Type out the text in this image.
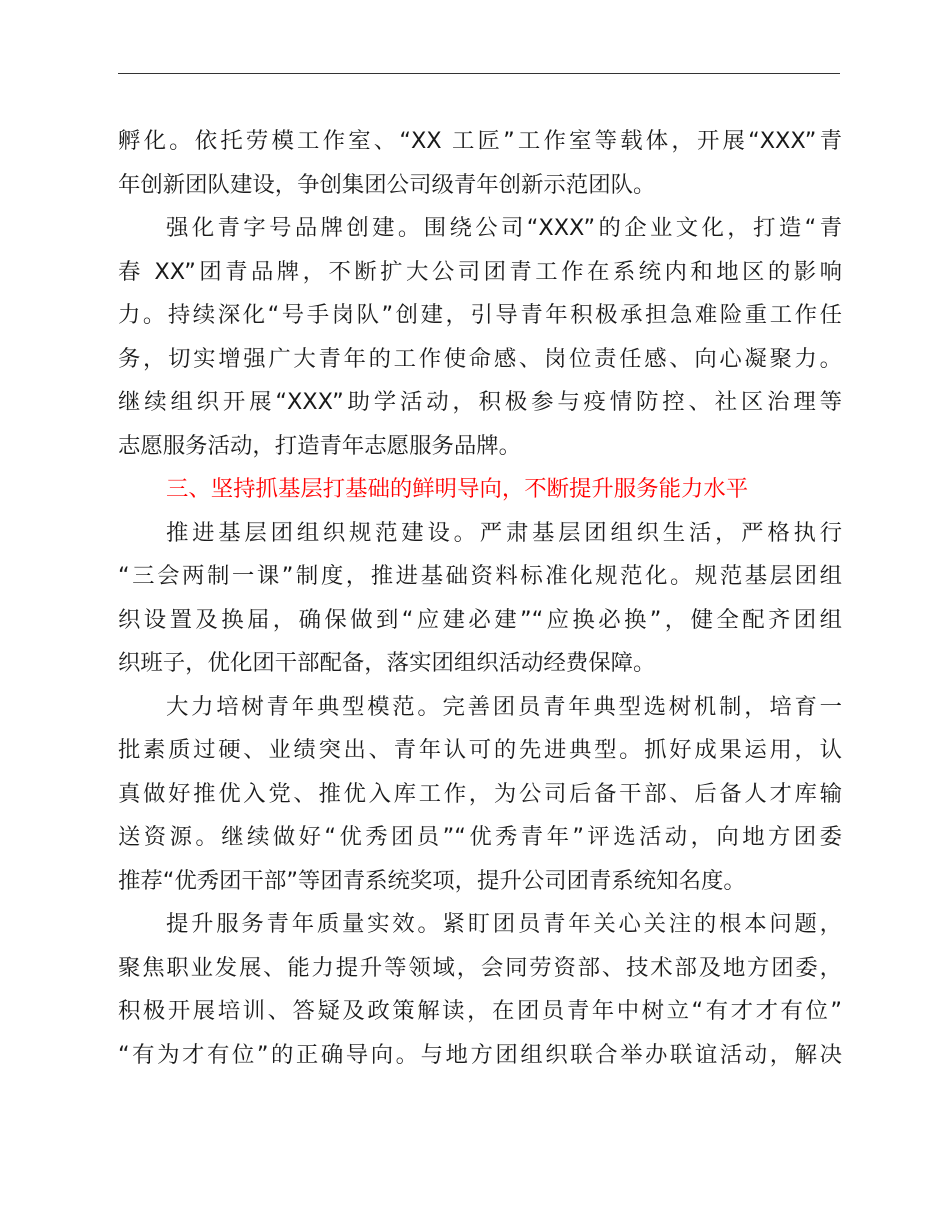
孵化。依托劳模工作室、“XX 工匠”工作室等载体，开展“XXX”青
年创新团队建设，争创集团公司级青年创新示范团队。
强化青字号品牌创建。围绕公司“XXX”的企业文化，打造“青
春 XX”团青品牌，不断扩大公司团青工作在系统内和地区的影响
力。持续深化“号手岗队”创建，引导青年积极承担急难险重工作任
务，切实增强广大青年的工作使命感、岗位责任感、向心凝聚力。
继续组织开展“XXX”助学活动，积极参与疫情防控、社区治理等
志愿服务活动，打造青年志愿服务品牌。
三、坚持抓基层打基础的鲜明导向，不断提升服务能力水平
推进基层团组织规范建设。严肃基层团组织生活，严格执行
“三会两制一课”制度，推进基础资料标准化规范化。规范基层团组
织设置及换届，确保做到“应建必建”“应换必换”，健全配齐团组
织班子，优化团干部配备，落实团组织活动经费保障。
大力培树青年典型模范。完善团员青年典型选树机制，培育一
批素质过硬、业绩突出、青年认可的先进典型。抓好成果运用，认
真做好推优入党、推优入库工作，为公司后备干部、后备人才库输
送资源。继续做好“优秀团员”“优秀青年”评选活动，向地方团委
推荐“优秀团干部”等团青系统奖项，提升公司团青系统知名度。
提升服务青年质量实效。紧盯团员青年关心关注的根本问题，
聚焦职业发展、能力提升等领域，会同劳资部、技术部及地方团委，
积极开展培训、答疑及政策解读，在团员青年中树立“有才才有位”
“有为才有位”的正确导向。与地方团组织联合举办联谊活动，解决
